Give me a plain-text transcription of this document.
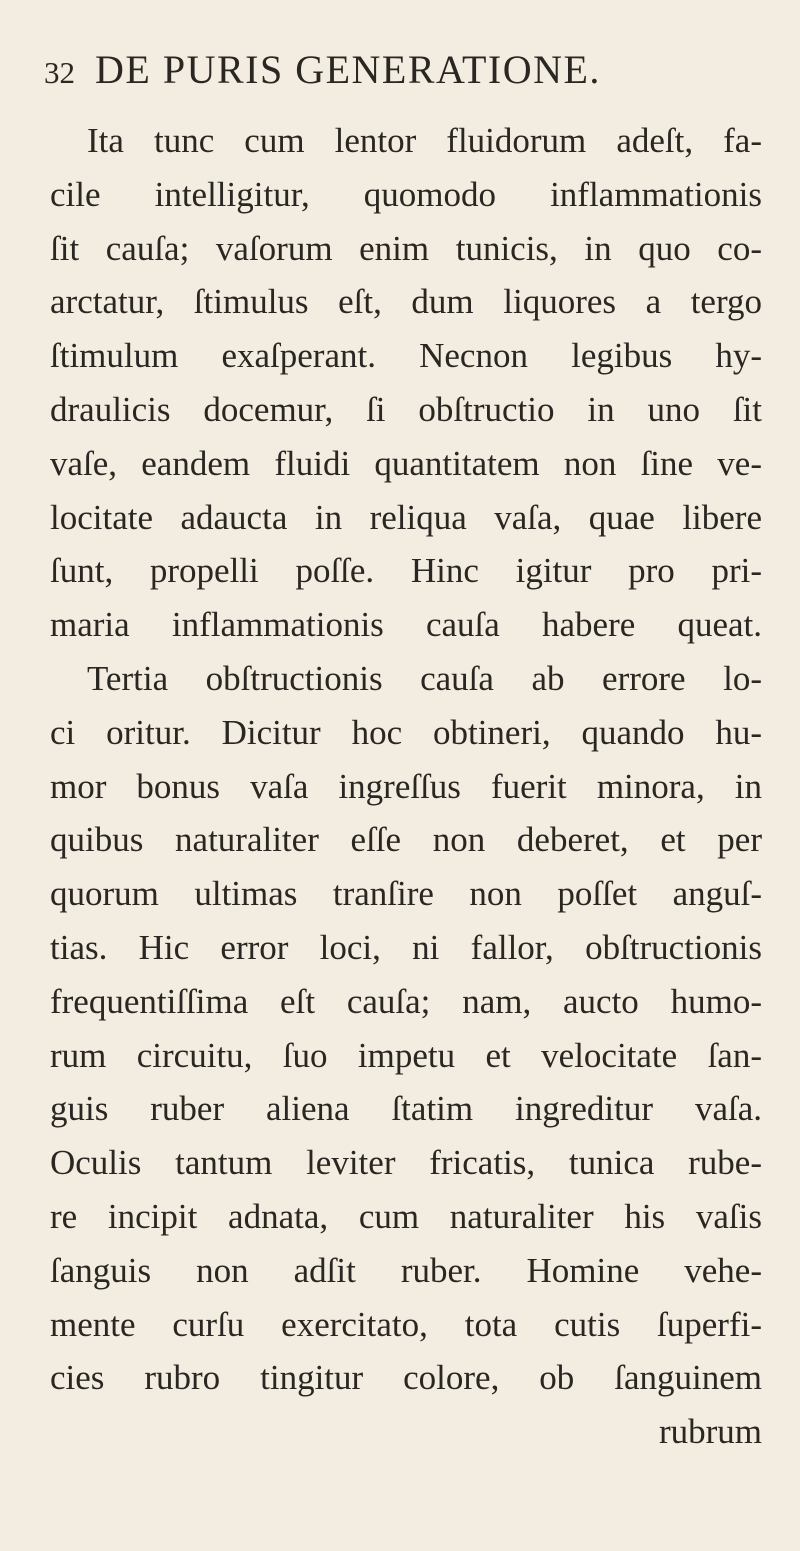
32 DE PURIS GENERATIONE.
Ita tunc cum lentor fluidorum adeſt, fa-
cile intelligitur, quomodo inflammationis
ſit cauſa; vaſorum enim tunicis, in quo co-
arctatur, ſtimulus eſt, dum liquores a tergo
ſtimulum exaſperant. Necnon legibus hy-
draulicis docemur, ſi obſtructio in uno ſit
vaſe, eandem fluidi quantitatem non ſine ve-
locitate adaucta in reliqua vaſa, quae libere
ſunt, propelli poſſe. Hinc igitur pro pri-
maria inflammationis cauſa habere queat.
Tertia obſtructionis cauſa ab errore lo-
ci oritur. Dicitur hoc obtineri, quando hu-
mor bonus vaſa ingreſſus fuerit minora, in
quibus naturaliter eſſe non deberet, et per
quorum ultimas tranſire non poſſet anguſ-
tias. Hic error loci, ni fallor, obſtructionis
frequentiſſima eſt cauſa; nam, aucto humo-
rum circuitu, ſuo impetu et velocitate ſan-
guis ruber aliena ſtatim ingreditur vaſa.
Oculis tantum leviter fricatis, tunica rube-
re incipit adnata, cum naturaliter his vaſis
ſanguis non adſit ruber. Homine vehe-
mente curſu exercitato, tota cutis ſuperfi-
cies rubro tingitur colore, ob ſanguinem
rubrum
